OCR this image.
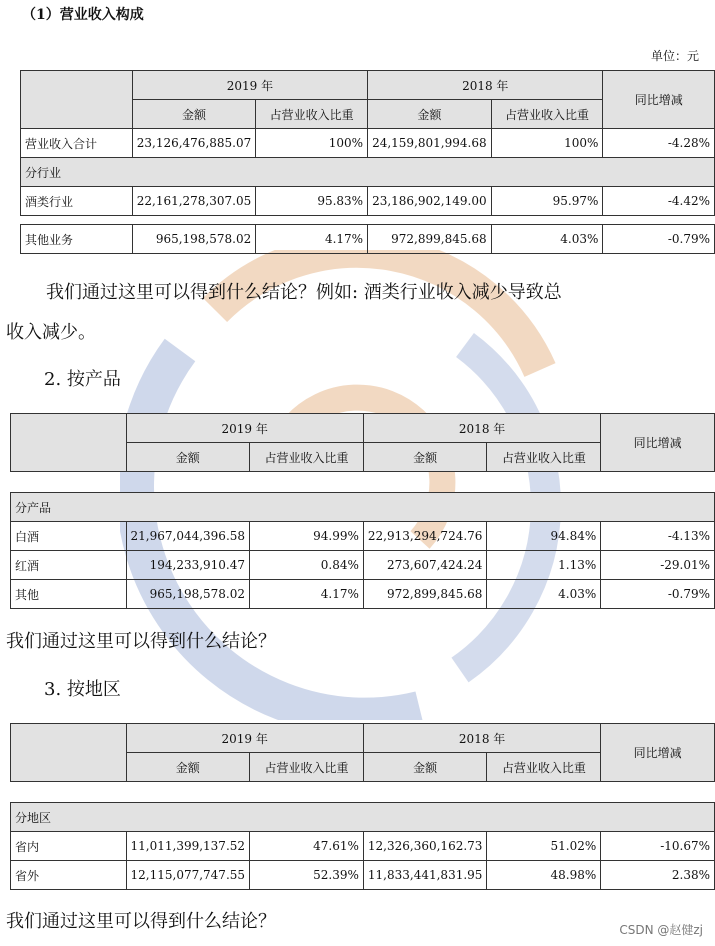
（1）营业收入构成
单位：元
	2019 年		2018 年		同比增减
	金额	占营业收入比重	金额	占营业收入比重	
营业收入合计	23,126,476,885.07	100%	24,159,801,994.68	100%	-4.28%
分行业					
酒类行业	22,161,278,307.05	95.83%	23,186,902,149.00	95.97%	-4.42%

其他业务	965,198,578.02	4.17%	972,899,845.68	4.03%	-0.79%
我们通过这里可以得到什么结论？例如: 酒类行业收入减少导致总
收入减少。
2. 按产品
	2019 年		2018 年		同比增减
	金额	占营业收入比重	金额	占营业收入比重	

分产品					
白酒	21,967,044,396.58	94.99%	22,913,294,724.76	94.84%	-4.13%
红酒	194,233,910.47	0.84%	273,607,424.24	1.13%	-29.01%
其他	965,198,578.02	4.17%	972,899,845.68	4.03%	-0.79%
我们通过这里可以得到什么结论？
3. 按地区
	2019 年		2018 年		同比增减
	金额	占营业收入比重	金额	占营业收入比重	

分地区					
省内	11,011,399,137.52	47.61%	12,326,360,162.73	51.02%	-10.67%
省外	12,115,077,747.55	52.39%	11,833,441,831.95	48.98%	2.38%
我们通过这里可以得到什么结论？	CSDN @赵健zj
